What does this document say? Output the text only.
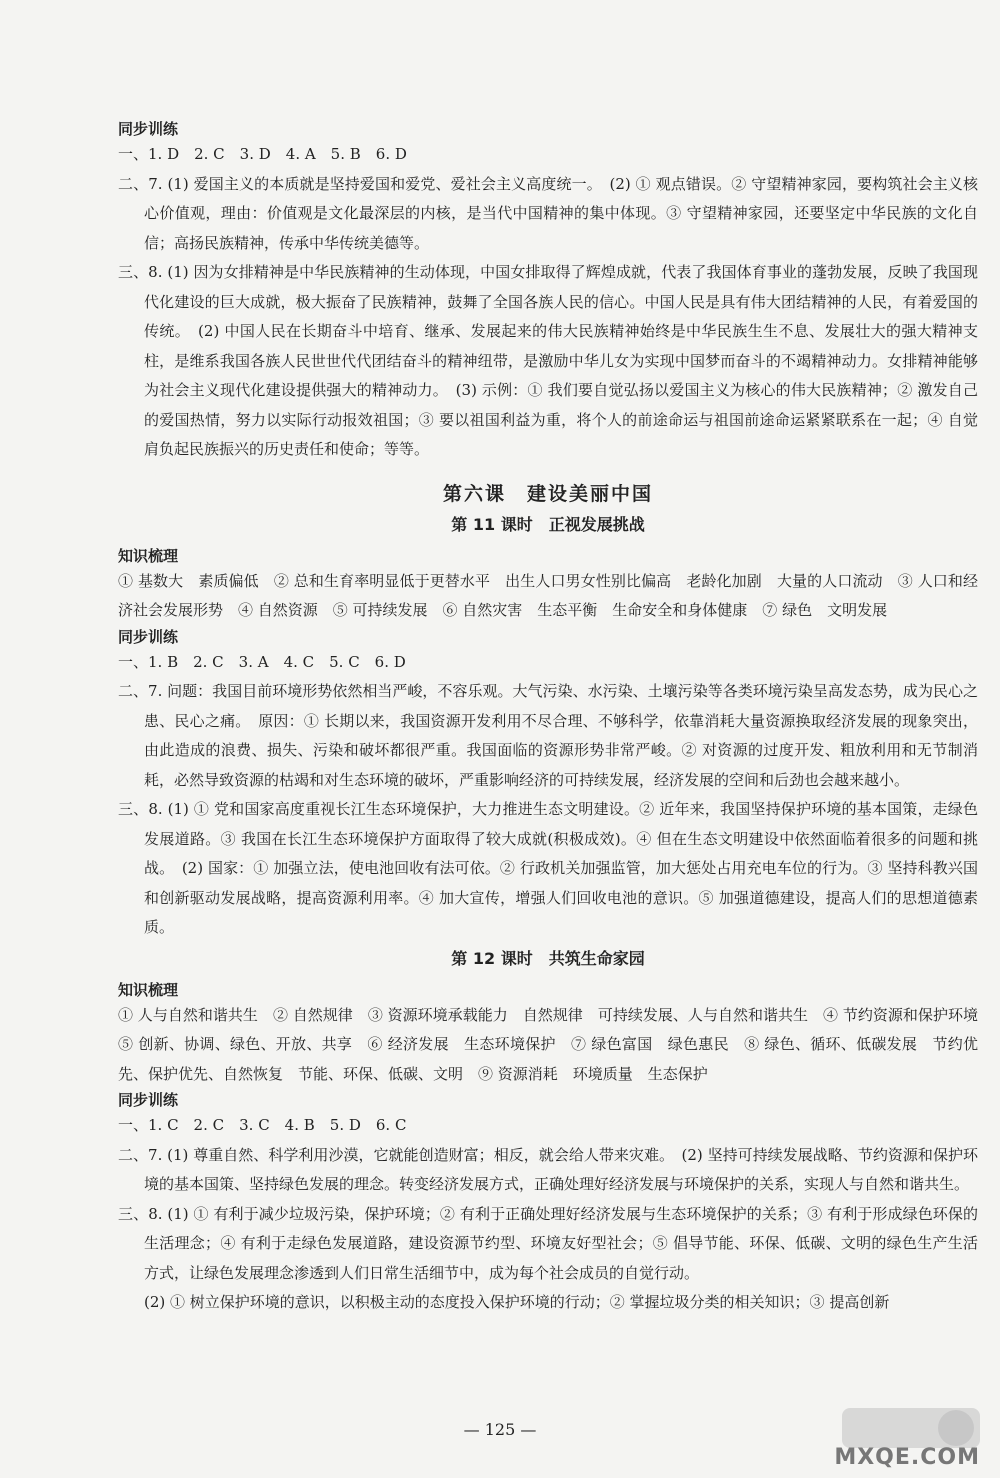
同步训练

一、1. D　2. C　3. D　4. A　5. B　6. D

二、7. (1) 爱国主义的本质就是坚持爱国和爱党、爱社会主义高度统一。　(2) ① 观点错误。② 守望精神家园，要构筑社会主义核心价值观，理由：价值观是文化最深层的内核，是当代中国精神的集中体现。③ 守望精神家园，还要坚定中华民族的文化自信；高扬民族精神，传承中华传统美德等。

三、8. (1) 因为女排精神是中华民族精神的生动体现，中国女排取得了辉煌成就，代表了我国体育事业的蓬勃发展，反映了我国现代化建设的巨大成就，极大振奋了民族精神，鼓舞了全国各族人民的信心。中国人民是具有伟大团结精神的人民，有着爱国的传统。　(2) 中国人民在长期奋斗中培育、继承、发展起来的伟大民族精神始终是中华民族生生不息、发展壮大的强大精神支柱，是维系我国各族人民世世代代团结奋斗的精神纽带，是激励中华儿女为实现中国梦而奋斗的不竭精神动力。女排精神能够为社会主义现代化建设提供强大的精神动力。　(3) 示例：① 我们要自觉弘扬以爱国主义为核心的伟大民族精神；② 激发自己的爱国热情，努力以实际行动报效祖国；③ 要以祖国利益为重，将个人的前途命运与祖国前途命运紧紧联系在一起；④ 自觉肩负起民族振兴的历史责任和使命；等等。

第六课　建设美丽中国

第 11 课时　正视发展挑战

知识梳理

① 基数大　素质偏低　② 总和生育率明显低于更替水平　出生人口男女性别比偏高　老龄化加剧　大量的人口流动　③ 人口和经济社会发展形势　④ 自然资源　⑤ 可持续发展　⑥ 自然灾害　生态平衡　生命安全和身体健康　⑦ 绿色　文明发展

同步训练

一、1. B　2. C　3. A　4. C　5. C　6. D

二、7. 问题：我国目前环境形势依然相当严峻，不容乐观。大气污染、水污染、土壤污染等各类环境污染呈高发态势，成为民心之患、民心之痛。　原因：① 长期以来，我国资源开发利用不尽合理、不够科学，依靠消耗大量资源换取经济发展的现象突出，由此造成的浪费、损失、污染和破坏都很严重。我国面临的资源形势非常严峻。② 对资源的过度开发、粗放利用和无节制消耗，必然导致资源的枯竭和对生态环境的破坏，严重影响经济的可持续发展，经济发展的空间和后劲也会越来越小。

三、8. (1) ① 党和国家高度重视长江生态环境保护，大力推进生态文明建设。② 近年来，我国坚持保护环境的基本国策，走绿色发展道路。③ 我国在长江生态环境保护方面取得了较大成就(积极成效)。④ 但在生态文明建设中依然面临着很多的问题和挑战。　(2) 国家：① 加强立法，使电池回收有法可依。② 行政机关加强监管，加大惩处占用充电车位的行为。③ 坚持科教兴国和创新驱动发展战略，提高资源利用率。④ 加大宣传，增强人们回收电池的意识。⑤ 加强道德建设，提高人们的思想道德素质。

第 12 课时　共筑生命家园

知识梳理

① 人与自然和谐共生　② 自然规律　③ 资源环境承载能力　自然规律　可持续发展、人与自然和谐共生　④ 节约资源和保护环境　⑤ 创新、协调、绿色、开放、共享　⑥ 经济发展　生态环境保护　⑦ 绿色富国　绿色惠民　⑧ 绿色、循环、低碳发展　节约优先、保护优先、自然恢复　节能、环保、低碳、文明　⑨ 资源消耗　环境质量　生态保护

同步训练

一、1. C　2. C　3. C　4. B　5. D　6. C

二、7. (1) 尊重自然、科学利用沙漠，它就能创造财富；相反，就会给人带来灾难。　(2) 坚持可持续发展战略、节约资源和保护环境的基本国策、坚持绿色发展的理念。转变经济发展方式，正确处理好经济发展与环境保护的关系，实现人与自然和谐共生。

三、8. (1) ① 有利于减少垃圾污染，保护环境；② 有利于正确处理好经济发展与生态环境保护的关系；③ 有利于形成绿色环保的生活理念；④ 有利于走绿色发展道路，建设资源节约型、环境友好型社会；⑤ 倡导节能、环保、低碳、文明的绿色生产生活方式，让绿色发展理念渗透到人们日常生活细节中，成为每个社会成员的自觉行动。

(2) ① 树立保护环境的意识，以积极主动的态度投入保护环境的行动；② 掌握垃圾分类的相关知识；③ 提高创新

— 125 —
MXQE.COM
